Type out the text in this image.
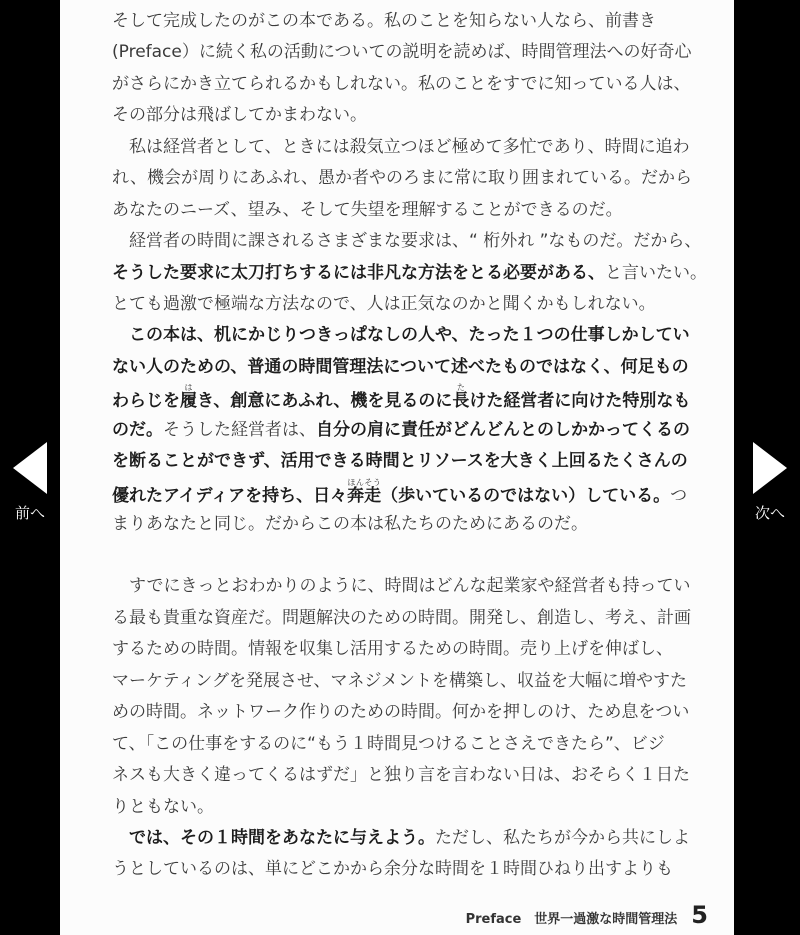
そして完成したのがこの本である。私のことを知らない人なら、前書き
(Preface）に続く私の活動についての説明を読めば、時間管理法への好奇心
がさらにかき立てられるかもしれない。私のことをすでに知っている人は、
その部分は飛ばしてかまわない。
　私は経営者として、ときには殺気立つほど極めて多忙であり、時間に追わ
れ、機会が周りにあふれ、愚か者やのろまに常に取り囲まれている。だから
あなたのニーズ、望み、そして失望を理解することができるのだ。
　経営者の時間に課されるさまざまな要求は、“ 桁外れ ”なものだ。だから、
そうした要求に太刀打ちするには非凡な方法をとる必要がある、と言いたい。
とても過激で極端な方法なので、人は正気なのかと聞くかもしれない。
　この本は、机にかじりつきっぱなしの人や、たった１つの仕事しかしてい
ない人のための、普通の時間管理法について述べたものではなく、何足もの
わらじを履はき、創意にあふれ、機を見るのに長たけた経営者に向けた特別なも
のだ。そうした経営者は、自分の肩に責任がどんどんとのしかかってくるの
を断ることができず、活用できる時間とリソースを大きく上回るたくさんの
優れたアイディアを持ち、日々奔走ほんそう（歩いているのではない）している。つ
まりあなたと同じ。だからこの本は私たちのためにあるのだ。
　すでにきっとおわかりのように、時間はどんな起業家や経営者も持ってい
る最も貴重な資産だ。問題解決のための時間。開発し、創造し、考え、計画
するための時間。情報を収集し活用するための時間。売り上げを伸ばし、
マーケティングを発展させ、マネジメントを構築し、収益を大幅に増やすた
めの時間。ネットワーク作りのための時間。何かを押しのけ、ため息をつい
て、「この仕事をするのに“もう１時間見つけることさえできたら”、ビジ
ネスも大きく違ってくるはずだ」と独り言を言わない日は、おそらく１日た
りともない。
　では、その１時間をあなたに与えよう。ただし、私たちが今から共にしよ
うとしているのは、単にどこかから余分な時間を１時間ひねり出すよりも
Preface　世界一過激な時間管理法 5
前へ	次へ
